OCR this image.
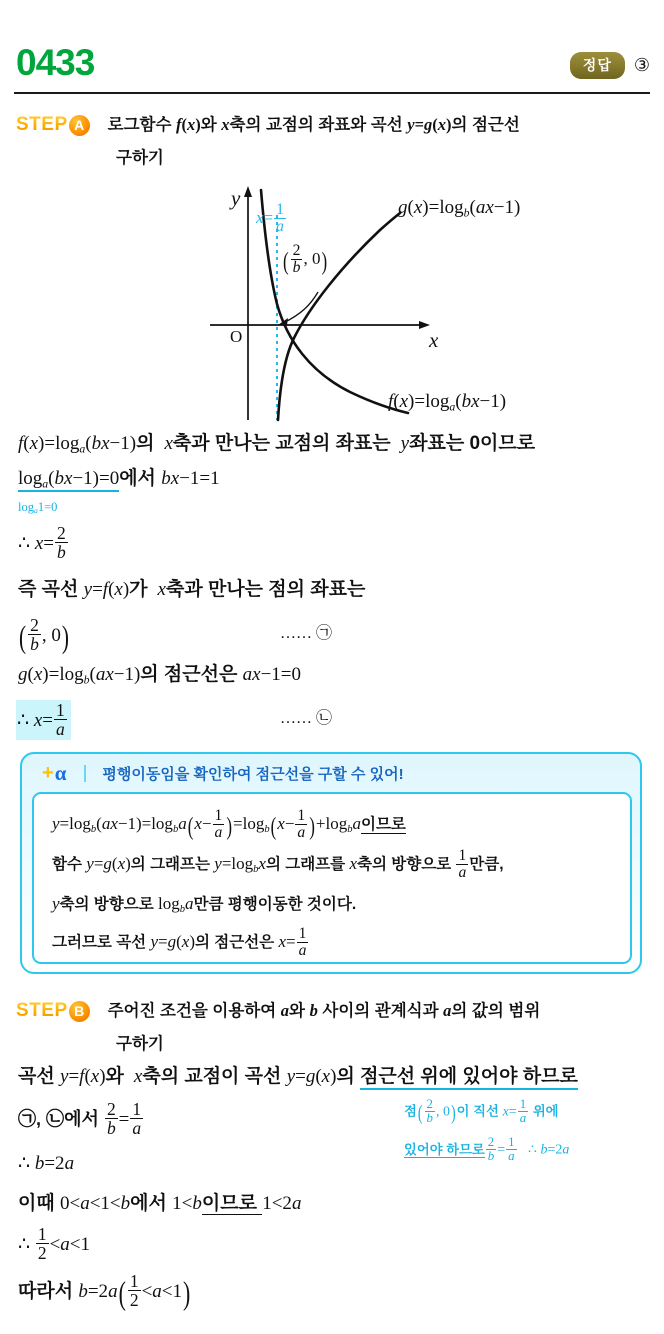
0433	정답	③
STEP A 로그함수 f(x)와 x축의 교점의 좌표와 곡선 y=g(x)의 점근선
구하기
y
x
O
$x= \frac{1}{a}$
( $\frac{2}{b}$ , 0)
$g(x)=\log_b(ax-1)$
$f(x)=\log_a(bx-1)$
$f(x)=\log_a(bx-1)$의  x축과 만나는 교점의 좌표는  y좌표는 0이므로
$\log_a(bx-1)=0$에서 bx−1=1
$\log_a1=0$
∴ $x= \frac{2}{b}$
즉 곡선 y=f(x)가  x축과 만나는 점의 좌표는
( $\frac{2}{b}$ , 0)	…… ㉠
$g(x)=\log_b(ax-1)$의 점근선은 ax−1=0
∴ $x= \frac{1}{a}$	…… ㉡
+ α 평행이동임을 확인하여 점근선을 구할 수 있어!
$y=\log_b(ax-1)=\log_ba(x- \frac{1}{a} )=\log_b(x- \frac{1}{a} )+\log_ba$이므로
함수 y=g(x)의 그래프는 $y=\log_bx$의 그래프를 x축의 방향으로 $\frac{1}{a}$ 만큼,
y축의 방향으로 $\log_ba$만큼 평행이동한 것이다.
그러므로 곡선 y=g(x)의 점근선은 $x= \frac{1}{a}$
STEP B 주어진 조건을 이용하여 a와 b 사이의 관계식과 a의 값의 범위
구하기
곡선 y=f(x)와  x축의 교점이 곡선 y=g(x)의 점근선 위에 있어야 하므로
㉠, ㉡에서 $\frac{2}{b} = \frac{1}{a}$
∴ b=2a
이때 0<a<1<b에서 1<b이므로 1<2a
∴ $\frac{1}{2} <a<1$
따라서 $b=2a( \frac{1}{2} <a<1)$
점( $\frac{2}{b}$ , 0)이 직선 $x= \frac{1}{a}$ 위에
있어야 하므로 $\frac{2}{b} = \frac{1}{a}$ ∴ b=2a
